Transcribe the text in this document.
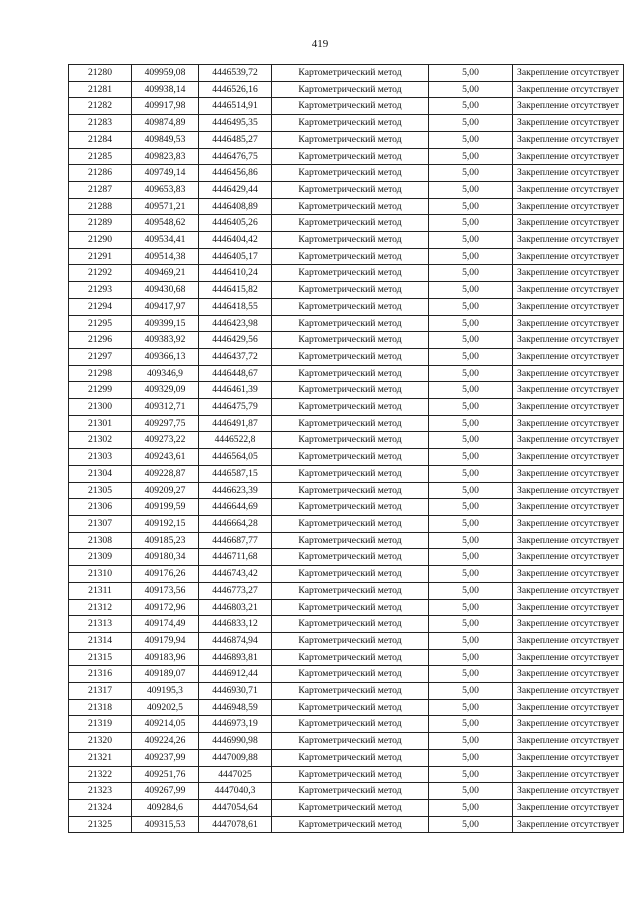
419
21280	409959,08	4446539,72	Картометрический метод	5,00	Закрепление отсутствует
21281	409938,14	4446526,16	Картометрический метод	5,00	Закрепление отсутствует
21282	409917,98	4446514,91	Картометрический метод	5,00	Закрепление отсутствует
21283	409874,89	4446495,35	Картометрический метод	5,00	Закрепление отсутствует
21284	409849,53	4446485,27	Картометрический метод	5,00	Закрепление отсутствует
21285	409823,83	4446476,75	Картометрический метод	5,00	Закрепление отсутствует
21286	409749,14	4446456,86	Картометрический метод	5,00	Закрепление отсутствует
21287	409653,83	4446429,44	Картометрический метод	5,00	Закрепление отсутствует
21288	409571,21	4446408,89	Картометрический метод	5,00	Закрепление отсутствует
21289	409548,62	4446405,26	Картометрический метод	5,00	Закрепление отсутствует
21290	409534,41	4446404,42	Картометрический метод	5,00	Закрепление отсутствует
21291	409514,38	4446405,17	Картометрический метод	5,00	Закрепление отсутствует
21292	409469,21	4446410,24	Картометрический метод	5,00	Закрепление отсутствует
21293	409430,68	4446415,82	Картометрический метод	5,00	Закрепление отсутствует
21294	409417,97	4446418,55	Картометрический метод	5,00	Закрепление отсутствует
21295	409399,15	4446423,98	Картометрический метод	5,00	Закрепление отсутствует
21296	409383,92	4446429,56	Картометрический метод	5,00	Закрепление отсутствует
21297	409366,13	4446437,72	Картометрический метод	5,00	Закрепление отсутствует
21298	409346,9	4446448,67	Картометрический метод	5,00	Закрепление отсутствует
21299	409329,09	4446461,39	Картометрический метод	5,00	Закрепление отсутствует
21300	409312,71	4446475,79	Картометрический метод	5,00	Закрепление отсутствует
21301	409297,75	4446491,87	Картометрический метод	5,00	Закрепление отсутствует
21302	409273,22	4446522,8	Картометрический метод	5,00	Закрепление отсутствует
21303	409243,61	4446564,05	Картометрический метод	5,00	Закрепление отсутствует
21304	409228,87	4446587,15	Картометрический метод	5,00	Закрепление отсутствует
21305	409209,27	4446623,39	Картометрический метод	5,00	Закрепление отсутствует
21306	409199,59	4446644,69	Картометрический метод	5,00	Закрепление отсутствует
21307	409192,15	4446664,28	Картометрический метод	5,00	Закрепление отсутствует
21308	409185,23	4446687,77	Картометрический метод	5,00	Закрепление отсутствует
21309	409180,34	4446711,68	Картометрический метод	5,00	Закрепление отсутствует
21310	409176,26	4446743,42	Картометрический метод	5,00	Закрепление отсутствует
21311	409173,56	4446773,27	Картометрический метод	5,00	Закрепление отсутствует
21312	409172,96	4446803,21	Картометрический метод	5,00	Закрепление отсутствует
21313	409174,49	4446833,12	Картометрический метод	5,00	Закрепление отсутствует
21314	409179,94	4446874,94	Картометрический метод	5,00	Закрепление отсутствует
21315	409183,96	4446893,81	Картометрический метод	5,00	Закрепление отсутствует
21316	409189,07	4446912,44	Картометрический метод	5,00	Закрепление отсутствует
21317	409195,3	4446930,71	Картометрический метод	5,00	Закрепление отсутствует
21318	409202,5	4446948,59	Картометрический метод	5,00	Закрепление отсутствует
21319	409214,05	4446973,19	Картометрический метод	5,00	Закрепление отсутствует
21320	409224,26	4446990,98	Картометрический метод	5,00	Закрепление отсутствует
21321	409237,99	4447009,88	Картометрический метод	5,00	Закрепление отсутствует
21322	409251,76	4447025	Картометрический метод	5,00	Закрепление отсутствует
21323	409267,99	4447040,3	Картометрический метод	5,00	Закрепление отсутствует
21324	409284,6	4447054,64	Картометрический метод	5,00	Закрепление отсутствует
21325	409315,53	4447078,61	Картометрический метод	5,00	Закрепление отсутствует
